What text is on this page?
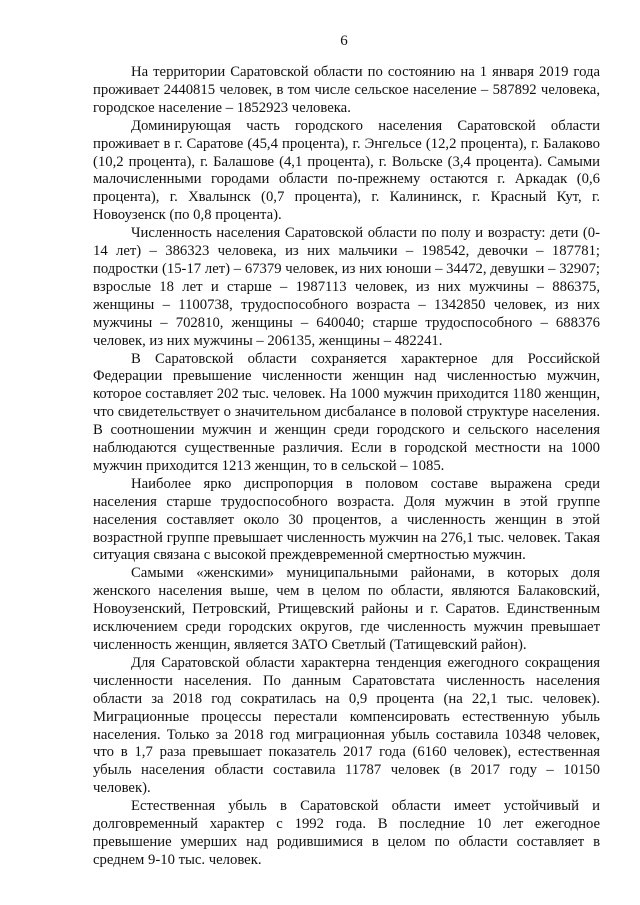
6

На территории Саратовской области по состоянию на 1 января 2019 года проживает 2440815 человек, в том числе сельское население – 587892 человека, городское население – 1852923 человека.

Доминирующая часть городского населения Саратовской области проживает в г. Саратове (45,4 процента), г. Энгельсе (12,2 процента), г. Балаково (10,2 процента), г. Балашове (4,1 процента), г. Вольске (3,4 процента). Самыми малочисленными городами области по-прежнему остаются г. Аркадак (0,6 процента), г. Хвалынск (0,7 процента), г. Калининск, г. Красный Кут, г. Новоузенск (по 0,8 процента).

Численность населения Саратовской области по полу и возрасту: дети (0-14 лет) – 386323 человека, из них мальчики – 198542, девочки – 187781; подростки (15-17 лет) – 67379 человек, из них юноши – 34472, девушки – 32907; взрослые 18 лет и старше – 1987113 человек, из них мужчины – 886375, женщины – 1100738, трудоспособного возраста – 1342850 человек, из них мужчины – 702810, женщины – 640040; старше трудоспособного – 688376 человек, из них мужчины – 206135, женщины – 482241.

В Саратовской области сохраняется характерное для Российской Федерации превышение численности женщин над численностью мужчин, которое составляет 202 тыс. человек. На 1000 мужчин приходится 1180 женщин, что свидетельствует о значительном дисбалансе в половой структуре населения. В соотношении мужчин и женщин среди городского и сельского населения наблюдаются существенные различия. Если в городской местности на 1000 мужчин приходится 1213 женщин, то в сельской – 1085.

Наиболее ярко диспропорция в половом составе выражена среди населения старше трудоспособного возраста. Доля мужчин в этой группе населения составляет около 30 процентов, а численность женщин в этой возрастной группе превышает численность мужчин на 276,1 тыс. человек. Такая ситуация связана с высокой преждевременной смертностью мужчин.

Самыми «женскими» муниципальными районами, в которых доля женского населения выше, чем в целом по области, являются Балаковский, Новоузенский, Петровский, Ртищевский районы и г. Саратов. Единственным исключением среди городских округов, где численность мужчин превышает численность женщин, является ЗАТО Светлый (Татищевский район).

Для Саратовской области характерна тенденция ежегодного сокращения численности населения. По данным Саратовстата численность населения области за 2018 год сократилась на 0,9 процента (на 22,1 тыс. человек). Миграционные процессы перестали компенсировать естественную убыль населения. Только за 2018 год миграционная убыль составила 10348 человек, что в 1,7 раза превышает показатель 2017 года (6160 человек), естественная убыль населения области составила 11787 человек (в 2017 году – 10150 человек).

Естественная убыль в Саратовской области имеет устойчивый и долговременный характер с 1992 года. В последние 10 лет ежегодное превышение умерших над родившимися в целом по области составляет в среднем 9-10 тыс. человек.
